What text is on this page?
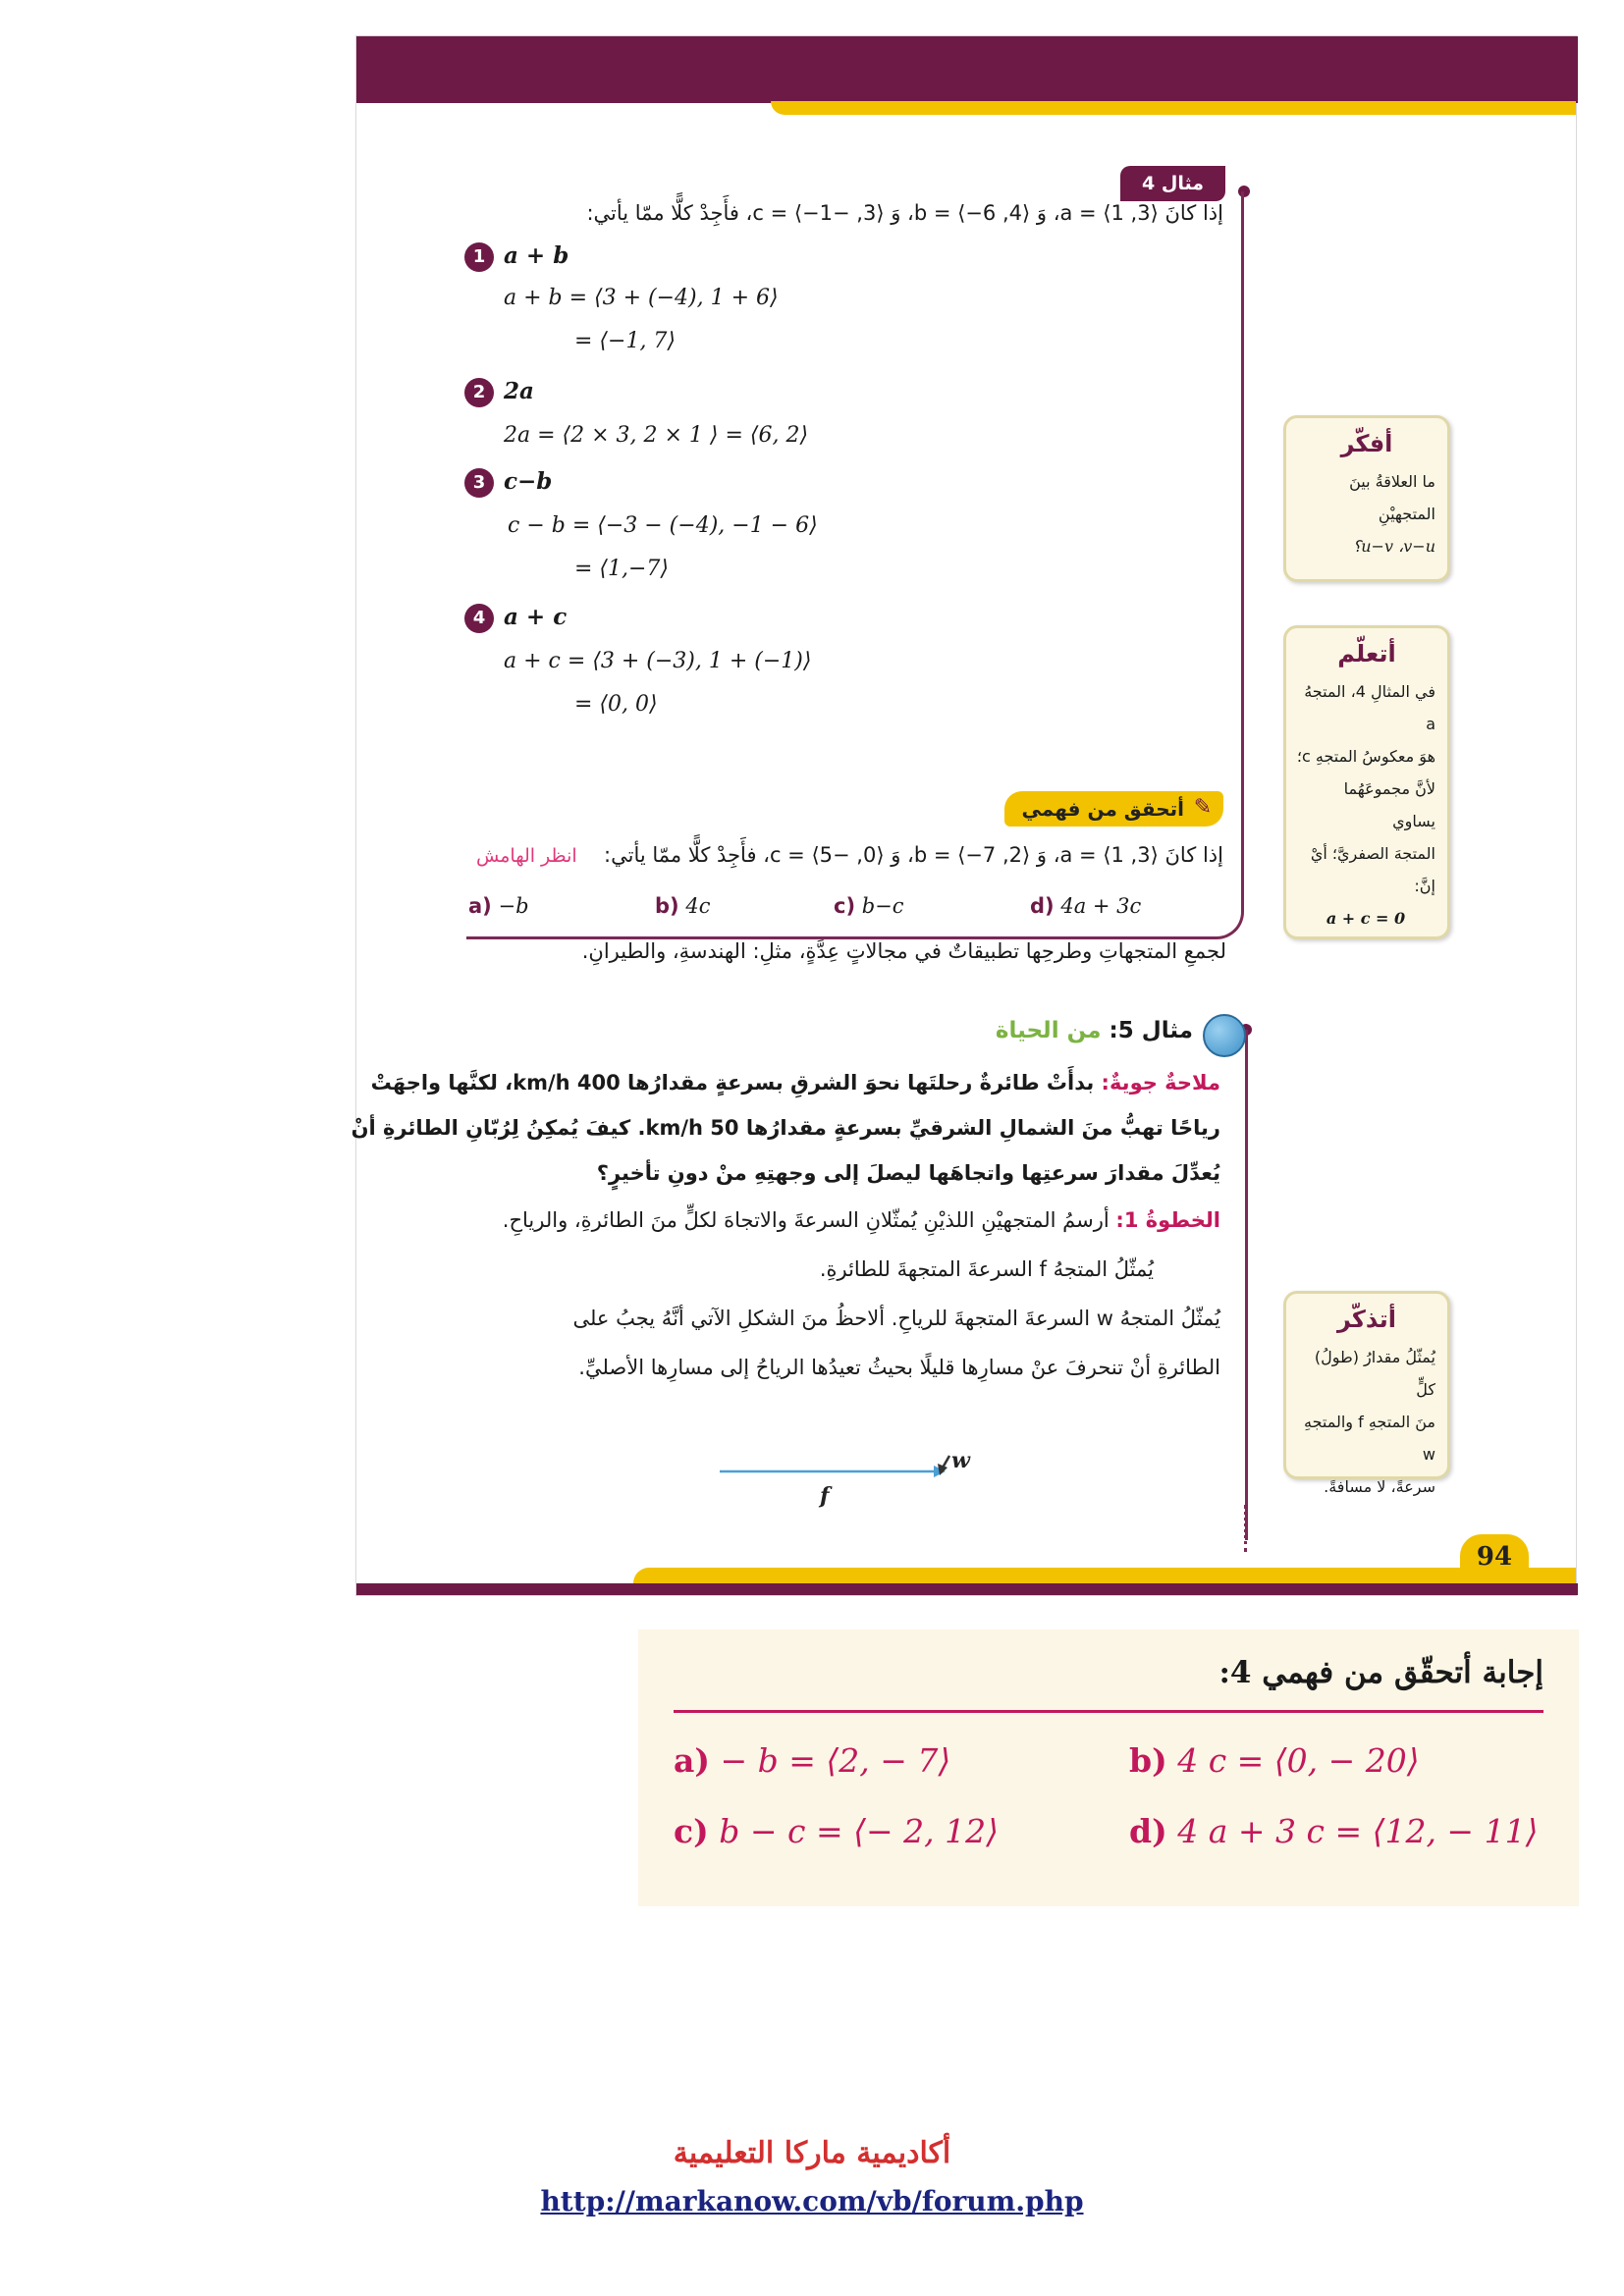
مثال 4
إذا كانَ ⟨3, 1⟩ = a، وَ ⟨4, 6−⟩ = b، وَ ⟨3, −1−⟩ = c، فأَجِدْ كلًّا ممّا يأتي:
1 a + b
a + b = ⟨3 + (−4), 1 + 6⟩
= ⟨−1, 7⟩
2 2a
2a = ⟨2 × 3, 2 × 1 ⟩ = ⟨6, 2⟩
3 c−b
c − b = ⟨−3 − (−4), −1 − 6⟩
= ⟨1,−7⟩
4 a + c
a + c = ⟨3 + (−3), 1 + (−1)⟩
= ⟨0, 0⟩
✎
أتحقق من فهمي
إذا كانَ ⟨3, 1⟩ = a، وَ ⟨2, 7−⟩ = b، وَ ⟨0, −5⟩ = c، فأَجِدْ كلًّا ممّا يأتي:
انظر الهامش
a) −b	b) 4c	c) b−c	d) 4a + 3c
أفكّر
ما العلاقةُ بينَ المتجهيْنِ
u−v ،v−u؟
أتعلّم
في المثالِ 4، المتجهُ a
هوَ معكوسُ المتجهِ c؛
لأنَّ مجموعَهُما يساوي
المتجهَ الصفريَّ؛ أيْ إنَّ:
a + c = 0
أتذكّر
يُمثّلُ مقدارُ (طولُ) كلٍّ
منَ المتجهِ f والمتجهِ w
سرعةً، لا مسافةً.
لجمعِ المتجهاتِ وطرحِها تطبيقاتٌ في مجالاتٍ عِدَّةٍ، مثلِ: الهندسةِ، والطيرانِ.
مثال 5: من الحياة
ملاحةٌ جويةٌ: بدأَتْ طائرةٌ رحلتَها نحوَ الشرقِ بسرعةٍ مقدارُها 400 km/h، لكنَّها واجهَتْ
رياحًا تهبُّ منَ الشمالِ الشرقيِّ بسرعةٍ مقدارُها 50 km/h. كيفَ يُمكِنُ لِرُبّانِ الطائرةِ أنْ
يُعدِّلَ مقدارَ سرعتِها واتجاهَها ليصلَ إلى وجهتِهِ منْ دونِ تأخيرٍ؟
الخطوةُ 1: أرسمُ المتجهيْنِ اللذيْنِ يُمثّلانِ السرعةَ والاتجاهَ لكلٍّ منَ الطائرةِ، والرياحِ.
يُمثّلُ المتجهُ f السرعةَ المتجهةَ للطائرةِ.
يُمثّلُ المتجهُ w السرعةَ المتجهةَ للرياحِ. ألاحظُ منَ الشكلِ الآتي أنَّهُ يجبُ على
الطائرةِ أنْ تنحرفَ عنْ مسارِها قليلًا بحيثُ تعيدُها الرياحُ إلى مسارِها الأصليِّ.
f
w
94
إجابة أتحقّق من فهمي 4:
a) − b = ⟨2, − 7⟩	b) 4 c = ⟨0, − 20⟩
c) b − c = ⟨− 2, 12⟩	d) 4 a + 3 c = ⟨12, − 11⟩
أكاديمية ماركا التعليمية
http://markanow.com/vb/forum.php
